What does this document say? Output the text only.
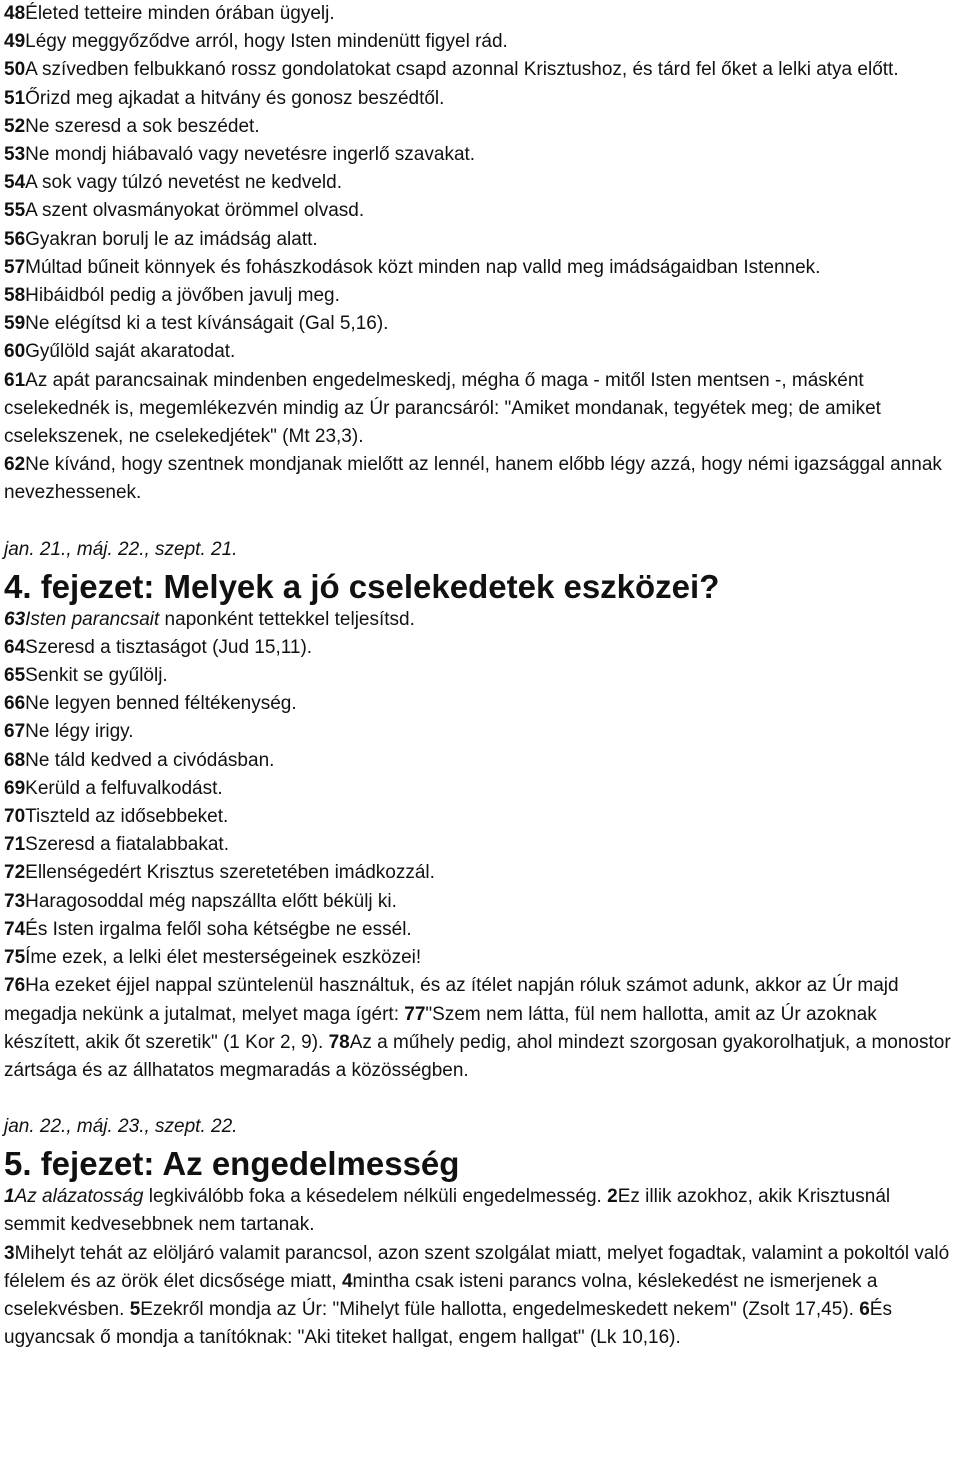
48Életed tetteire minden órában ügyelj.

49Légy meggyőződve arról, hogy Isten mindenütt figyel rád.

50A szívedben felbukkanó rossz gondolatokat csapd azonnal Krisztushoz, és tárd fel őket a lelki atya előtt.

51Őrizd meg ajkadat a hitvány és gonosz beszédtől.

52Ne szeresd a sok beszédet.

53Ne mondj hiábavaló vagy nevetésre ingerlő szavakat.

54A sok vagy túlzó nevetést ne kedveld.

55A szent olvasmányokat örömmel olvasd.

56Gyakran borulj le az imádság alatt.

57Múltad bűneit könnyek és fohászkodások közt minden nap valld meg imádságaidban Istennek.

58Hibáidból pedig a jövőben javulj meg.

59Ne elégítsd ki a test kívánságait (Gal 5,16).

60Gyűlöld saját akaratodat.

61Az apát parancsainak mindenben engedelmeskedj, mégha ő maga - mitől Isten mentsen -, másként cselekednék is, megemlékezvén mindig az Úr parancsáról: "Amiket mondanak, tegyétek meg; de amiket cselekszenek, ne cselekedjétek" (Mt 23,3).

62Ne kívánd, hogy szentnek mondjanak mielőtt az lennél, hanem előbb légy azzá, hogy némi igazsággal annak nevezhessenek.

jan. 21., máj. 22., szept. 21.

4. fejezet: Melyek a jó cselekedetek eszközei?

63Isten parancsait naponként tettekkel teljesítsd.

64Szeresd a tisztaságot (Jud 15,11).

65Senkit se gyűlölj.

66Ne legyen benned féltékenység.

67Ne légy irigy.

68Ne táld kedved a civódásban.

69Kerüld a felfuvalkodást.

70Tiszteld az idősebbeket.

71Szeresd a fiatalabbakat.

72Ellenségedért Krisztus szeretetében imádkozzál.

73Haragosoddal még napszállta előtt békülj ki.

74És Isten irgalma felől soha kétségbe ne essél.

75Íme ezek, a lelki élet mesterségeinek eszközei!

76Ha ezeket éjjel nappal szüntelenül használtuk, és az ítélet napján róluk számot adunk, akkor az Úr majd megadja nekünk a jutalmat, melyet maga ígért: 77"Szem nem látta, fül nem hallotta, amit az Úr azoknak készített, akik őt szeretik" (1 Kor 2, 9). 78Az a műhely pedig, ahol mindezt szorgosan gyakorolhatjuk, a monostor zártsága és az állhatatos megmaradás a közösségben.

jan. 22., máj. 23., szept. 22.

5. fejezet: Az engedelmesség

1Az alázatosság legkiválóbb foka a késedelem nélküli engedelmesség. 2Ez illik azokhoz, akik Krisztusnál semmit kedvesebbnek nem tartanak.

3Mihelyt tehát az elöljáró valamit parancsol, azon szent szolgálat miatt, melyet fogadtak, valamint a pokoltól való félelem és az örök élet dicsősége miatt, 4mintha csak isteni parancs volna, késlekedést ne ismerjenek a cselekvésben. 5Ezekről mondja az Úr: "Mihelyt füle hallotta, engedelmeskedett nekem" (Zsolt 17,45). 6És ugyancsak ő mondja a tanítóknak: "Aki titeket hallgat, engem hallgat" (Lk 10,16).
